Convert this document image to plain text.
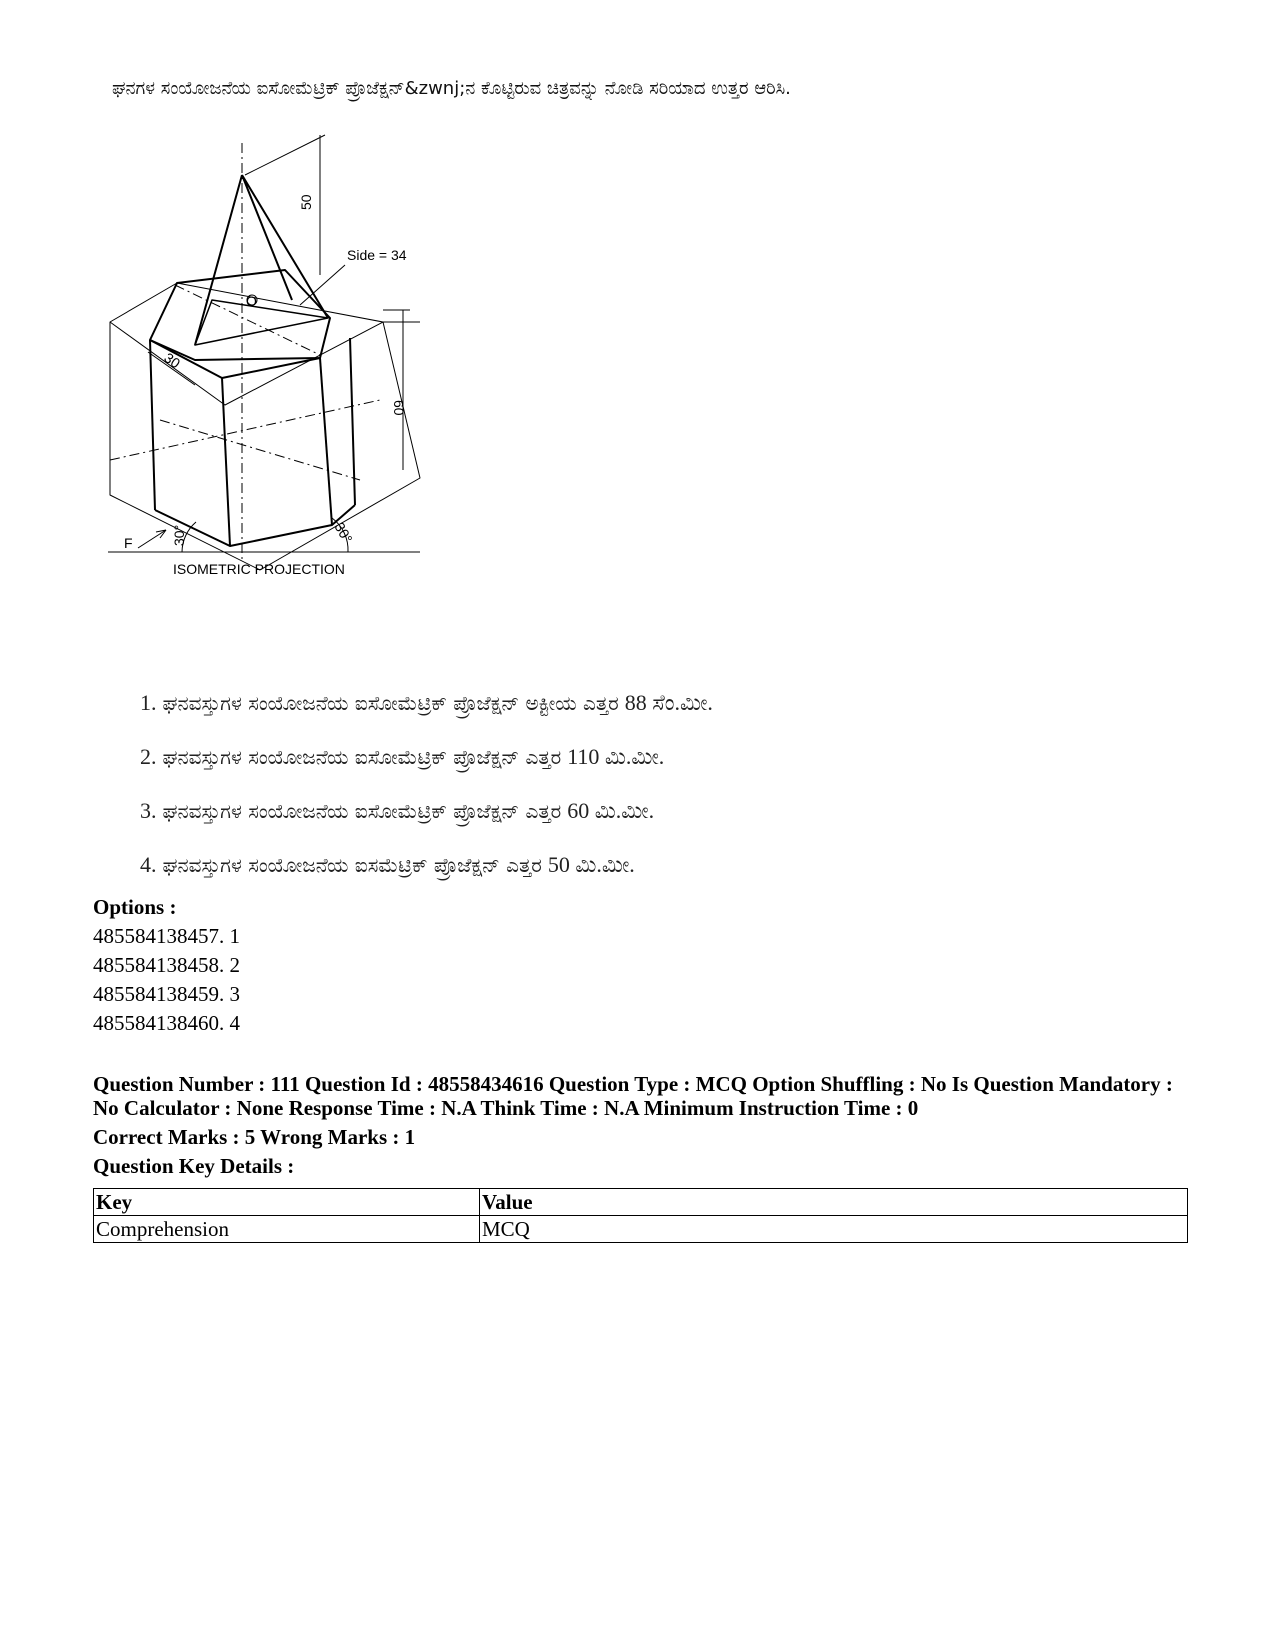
ಘನಗಳ ಸಂಯೋಜನೆಯ ಐಸೋಮೆಟ್ರಿಕ್ ಪ್ರೊಜೆಕ್ಷನ್&zwnj;ನ ಕೊಟ್ಟಿರುವ ಚಿತ್ರವನ್ನು ನೋಡಿ ಸರಿಯಾದ ಉತ್ತರ ಆರಿಸಿ.
50
Side = 34
O
30
60
30°	30°
F
ISOMETRIC PROJECTION
1. ಘನವಸ್ತುಗಳ ಸಂಯೋಜನೆಯ ಐಸೋಮೆಟ್ರಿಕ್ ಪ್ರೊಜೆಕ್ಷನ್ ಅಕ್ಟೀಯ ಎತ್ತರ 88 ಸೆಂ.ಮೀ.
2. ಘನವಸ್ತುಗಳ ಸಂಯೋಜನೆಯ ಐಸೋಮೆಟ್ರಿಕ್ ಪ್ರೊಜೆಕ್ಷನ್ ಎತ್ತರ 110 ಮಿ.ಮೀ.
3. ಘನವಸ್ತುಗಳ ಸಂಯೋಜನೆಯ ಐಸೋಮೆಟ್ರಿಕ್ ಪ್ರೊಜೆಕ್ಷನ್ ಎತ್ತರ 60 ಮಿ.ಮೀ.
4. ಘನವಸ್ತುಗಳ ಸಂಯೋಜನೆಯ ಐಸಮೆಟ್ರಿಕ್ ಪ್ರೊಜೆಕ್ಷನ್ ಎತ್ತರ 50 ಮಿ.ಮೀ.
Options :
485584138457. 1
485584138458. 2
485584138459. 3
485584138460. 4
Question Number : 111 Question Id : 48558434616 Question Type : MCQ Option Shuffling : No Is Question Mandatory : No Calculator : None Response Time : N.A Think Time : N.A Minimum Instruction Time : 0
Correct Marks : 5 Wrong Marks : 1
Question Key Details :
Key	Value
Comprehension	MCQ
